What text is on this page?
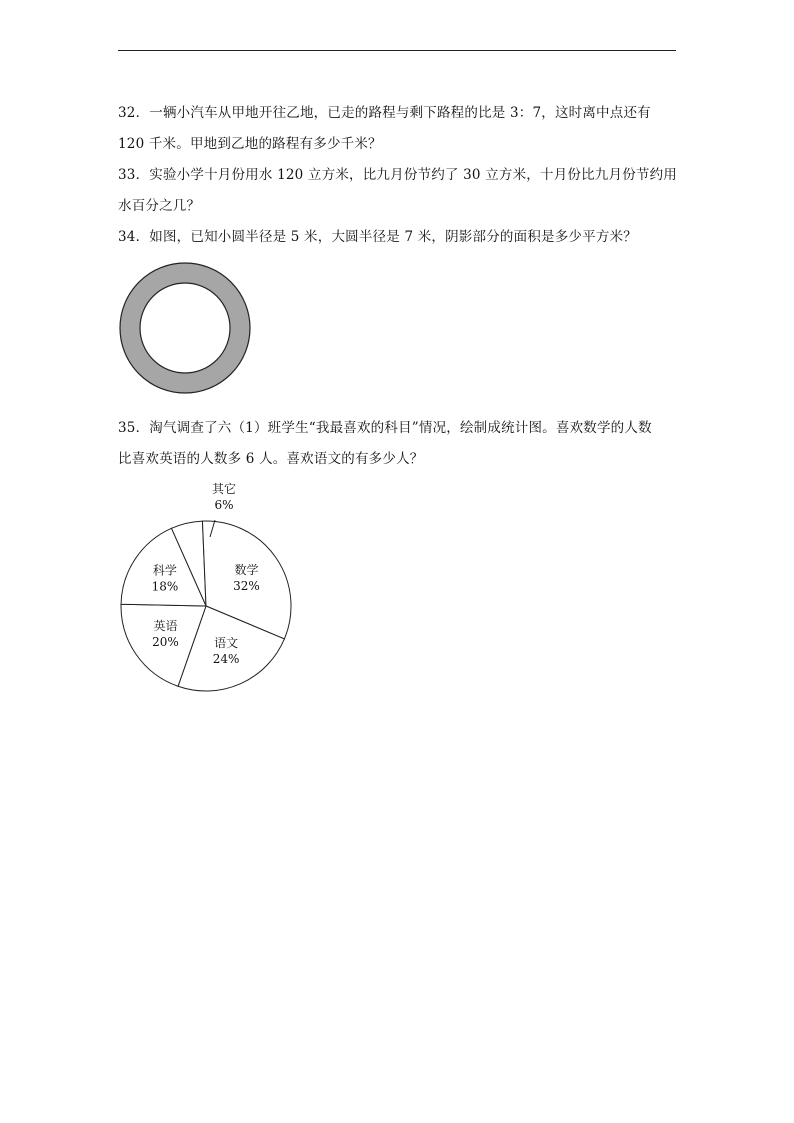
32．一辆小汽车从甲地开往乙地，已走的路程与剩下路程的比是 3：7，这时离中点还有

120 千米。甲地到乙地的路程有多少千米？

33．实验小学十月份用水 120 立方米，比九月份节约了 30 立方米，十月份比九月份节约用

水百分之几？

34．如图，已知小圆半径是 5 米，大圆半径是 7 米，阴影部分的面积是多少平方米？

35．淘气调查了六（1）班学生“我最喜欢的科目”情况，绘制成统计图。喜欢数学的人数

比喜欢英语的人数多 6 人。喜欢语文的有多少人？

其它
6%
数学
32%
语文
24%
英语
20%
科学
18%
